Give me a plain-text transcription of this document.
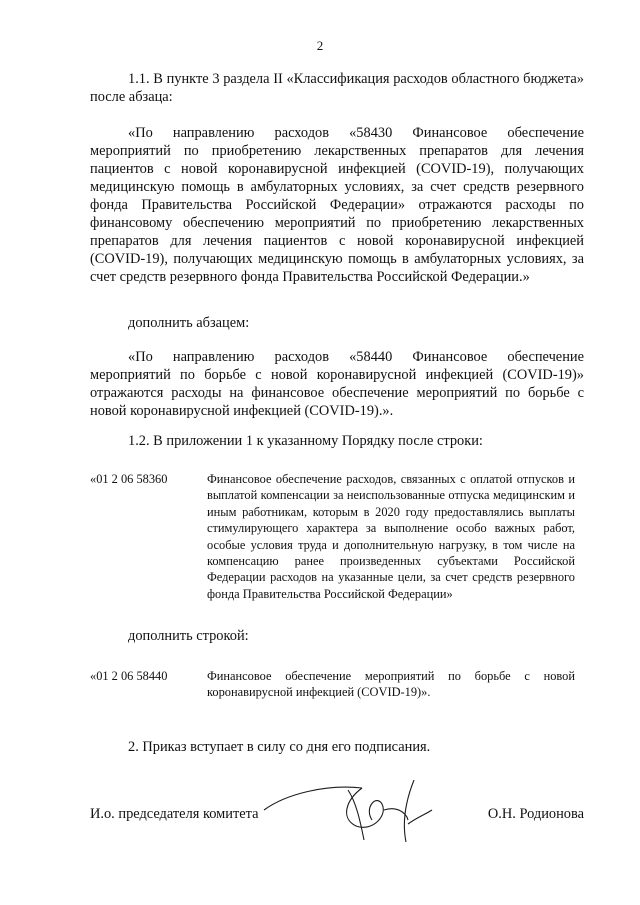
2
1.1. В пункте 3 раздела II «Классификация расходов областного бюджета» после абзаца:
«По направлению расходов «58430 Финансовое обеспечение мероприятий по приобретению лекарственных препаратов для лечения пациентов с новой коронавирусной инфекцией (COVID-19), получающих медицинскую помощь в амбулаторных условиях, за счет средств резервного фонда Правительства Российской Федерации» отражаются расходы по финансовому обеспечению мероприятий по приобретению лекарственных препаратов для лечения пациентов с новой коронавирусной инфекцией (COVID-19), получающих медицинскую помощь в амбулаторных условиях, за счет средств резервного фонда Правительства Российской Федерации.»
дополнить абзацем:
«По направлению расходов «58440 Финансовое обеспечение мероприятий по борьбе с новой коронавирусной инфекцией (COVID-19)» отражаются расходы на финансовое обеспечение мероприятий по борьбе с новой коронавирусной инфекцией (COVID-19).».
1.2. В приложении 1 к указанному Порядку после строки:
«01 2 06 58360	Финансовое обеспечение расходов, связанных с оплатой отпусков и выплатой компенсации за неиспользованные отпуска медицинским и иным работникам, которым в 2020 году предоставлялись выплаты стимулирующего характера за выполнение особо важных работ, особые условия труда и дополнительную нагрузку, в том числе на компенсацию ранее произведенных субъектами Российской Федерации расходов на указанные цели, за счет средств резервного фонда Правительства Российской Федерации»
дополнить строкой:
«01 2 06 58440	Финансовое обеспечение мероприятий по борьбе с новой коронавирусной инфекцией (COVID-19)».
2. Приказ вступает в силу со дня его подписания.
И.о. председателя комитета	О.Н. Родионова
